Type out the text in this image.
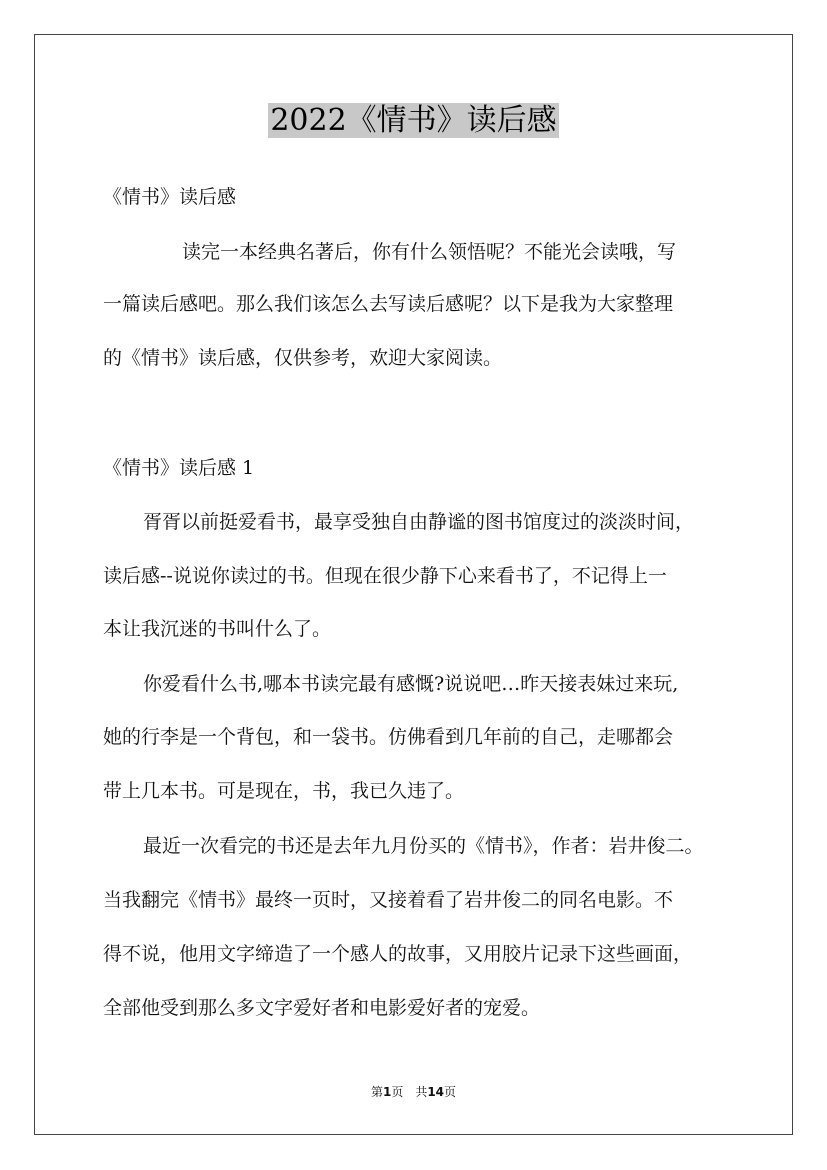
2022《情书》读后感
《情书》读后感
读完一本经典名著后，你有什么领悟呢？不能光会读哦，写
一篇读后感吧。那么我们该怎么去写读后感呢？以下是我为大家整理
的《情书》读后感，仅供参考，欢迎大家阅读。
《情书》读后感 1
胥胥以前挺爱看书，最享受独自由静谧的图书馆度过的淡淡时间，
读后感--说说你读过的书。但现在很少静下心来看书了，不记得上一
本让我沉迷的书叫什么了。
你爱看什么书,哪本书读完最有感慨?说说吧…昨天接表妹过来玩,
她的行李是一个背包，和一袋书。仿佛看到几年前的自己，走哪都会
带上几本书。可是现在，书，我已久违了。
最近一次看完的书还是去年九月份买的《情书》，作者：岩井俊二。
当我翻完《情书》最终一页时，又接着看了岩井俊二的同名电影。不
得不说，他用文字缔造了一个感人的故事，又用胶片记录下这些画面，
全部他受到那么多文字爱好者和电影爱好者的宠爱。
第1页　共14页
